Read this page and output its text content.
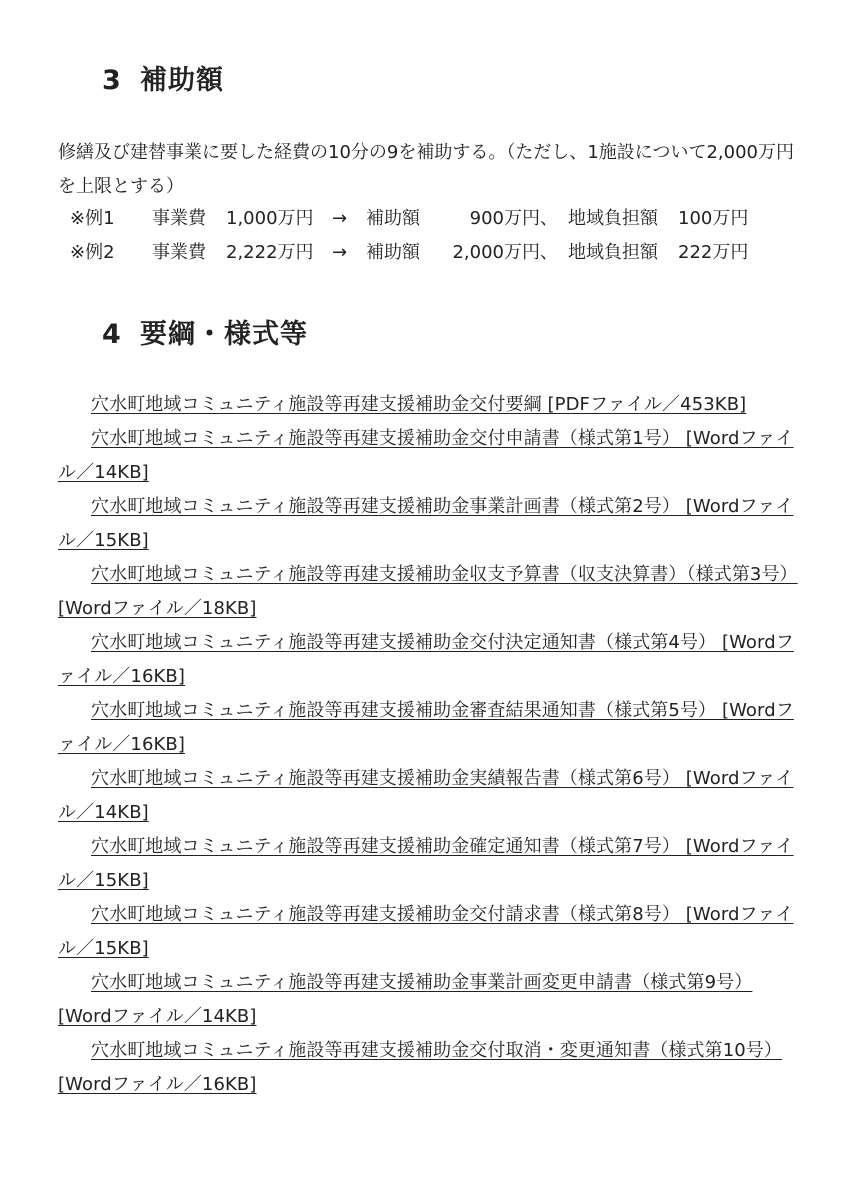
3 補助額

修繕及び建替事業に要した経費の10分の9を補助する。（ただし、1施設について2,000万円を上限とする）

※例1 事業費 1,000万円 → 補助額	900万円、 地域負担額 100万円
※例2 事業費 2,222万円 → 補助額 2,000万円、 地域負担額 222万円
4 要綱・様式等
穴水町地域コミュニティ施設等再建支援補助金交付要綱 [PDFファイル／453KB]
穴水町地域コミュニティ施設等再建支援補助金交付申請書（様式第1号） [Wordファイル／14KB]
穴水町地域コミュニティ施設等再建支援補助金事業計画書（様式第2号） [Wordファイル／15KB]
穴水町地域コミュニティ施設等再建支援補助金収支予算書（収支決算書）（様式第3号） [Wordファイル／18KB]
穴水町地域コミュニティ施設等再建支援補助金交付決定通知書（様式第4号） [Wordファイル／16KB]
穴水町地域コミュニティ施設等再建支援補助金審査結果通知書（様式第5号） [Wordファイル／16KB]
穴水町地域コミュニティ施設等再建支援補助金実績報告書（様式第6号） [Wordファイル／14KB]
穴水町地域コミュニティ施設等再建支援補助金確定通知書（様式第7号） [Wordファイル／15KB]
穴水町地域コミュニティ施設等再建支援補助金交付請求書（様式第8号） [Wordファイル／15KB]
穴水町地域コミュニティ施設等再建支援補助金事業計画変更申請書（様式第9号） [Wordファイル／14KB]
穴水町地域コミュニティ施設等再建支援補助金交付取消・変更通知書（様式第10号） [Wordファイル／16KB]
